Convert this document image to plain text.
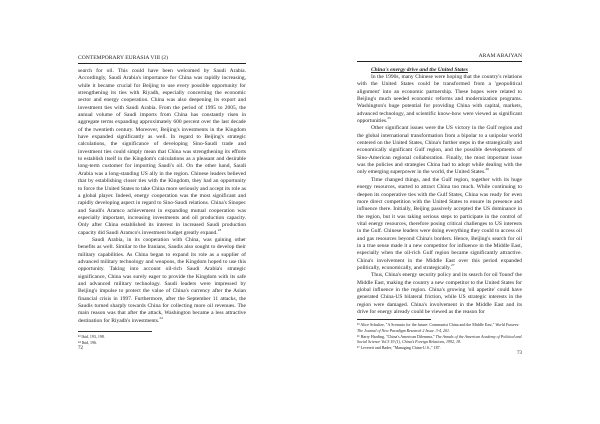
CONTEMPORARY EURASIA VIII (2)

search for oil. This could have been welcomed by Saudi Arabia. Accordingly, Saudi Arabia's importance for China was rapidly increasing, while it became crucial for Beijing to use every possible opportunity for strengthening its ties with Riyadh, especially concerning the economic sector and energy cooperation. China was also deepening its export and investment ties with Saudi Arabia. From the period of 1995 to 2005, the annual volume of Saudi imports from China has constantly risen in aggregate terms expanding approximately 600 percent over the last decade of the twentieth century. Moreover, Beijing's investments in the Kingdom have expanded significantly as well. In regard to Beijing's strategic calculations, the significance of developing Sino-Saudi trade and investment ties could simply mean that China was strengthening its efforts to establish itself in the Kingdom's calculations as a pleasant and desirable long-term customer for importing Saudi's oil. On the other hand, Saudi Arabia was a long-standing US ally in the region. Chinese leaders believed that by establishing closer ties with the Kingdom, they had an opportunity to force the United States to take China more seriously and accept its role as a global player. Indeed, energy cooperation was the most significant and rapidly developing aspect in regard to Sino-Saudi relations. China's Sinopec and Saudi's Aramco achievement in expanding mutual cooperation was especially important, increasing investments and oil production capacity. Only after China established its interest in increased Saudi production capacity did Saudi Aramco's investment budget greatly expand.$^{23}$

Saudi Arabia, in its cooperation with China, was gaining other benefits as well. Similar to the Iranians, Saudis also sought to develop their military capabilities. As China began to expand its role as a supplier of advanced military technology and weapons, the Kingdom hoped to use this opportunity. Taking into account oil-rich Saudi Arabia's strategic significance, China was surely eager to provide the Kingdom with its safe and advanced military technology. Saudi leaders were impressed by Beijing's impulse to protect the value of China's currency after the Asian financial crisis in 1997. Furthermore, after the September 11 attacks, the Saudis turned sharply towards China for collecting more oil revenues. The main reason was that after the attack, Washington became a less attractive destination for Riyadh's investments.$^{24}$

²³ Ibid, 193, 198.

²⁴ Ibid, 196.

72
ARAM ABAJYAN
China's energy drive and the United States

In the 1990s, many Chinese were hoping that the country's relations with the United States could be transformed from a 'geopolitical alignment' into an economic partnership. These hopes were related to Beijing's much needed economic reforms and modernization programs. Washington's huge potential for providing China with capital, markets, advanced technology, and scientific know-how were viewed as significant opportunities.$^{25}$

Other significant issues were the US victory in the Gulf region and the global international transformation from a bipolar to a unipolar world centered on the United States, China's further steps in the strategically and economically significant Gulf region, and the possible developments of Sino-American regional collaboration. Finally, the most important issue was the policies and strategies China had to adopt while dealing with the only emerging superpower in the world, the United States.$^{26}$

Time changed things, and the Gulf region, together with its huge energy resources, started to attract China too much. While continuing to deepen its cooperative ties with the Gulf States, China was ready for even more direct competition with the United States to ensure its presence and influence there. Initially, Beijing passively accepted the US dominance in the region, but it was taking serious steps to participate in the control of vital energy resources, therefore posing critical challenges to US interests in the Gulf. Chinese leaders were doing everything they could to access oil and gas resources beyond China's borders. Hence, Beijing's search for oil in a true sense made it a new competitor for influence in the Middle East, especially when the oil-rich Gulf region became significantly attractive. China's involvement in the Middle East over this period expanded politically, economically, and strategically.$^{27}$

Thus, China's energy security policy and its search for oil 'found' the Middle East, making the country a new competitor to the United States for global influence in the region. China's growing 'oil appetite' could have generated China-US bilateral friction, while US strategic interests in the region were damaged. China's involvement in the Middle East and its drive for energy already could be viewed as the reason for

²⁵ Alice Schultze, "A Scenario for the future: Communist China and the Middle East," World Futures: The Journal of New Paradigm Research 2 Issue. 3-4, 201.

²⁶ Harry Harding, "China's American Dilemma," The Annals of the American Academy of Political and Social Science Vol.5 19 (1), China's Foreign Relations, 1992, 18.

²⁷ Leverett and Bader, "Managing China-U.S.," 187.

73
